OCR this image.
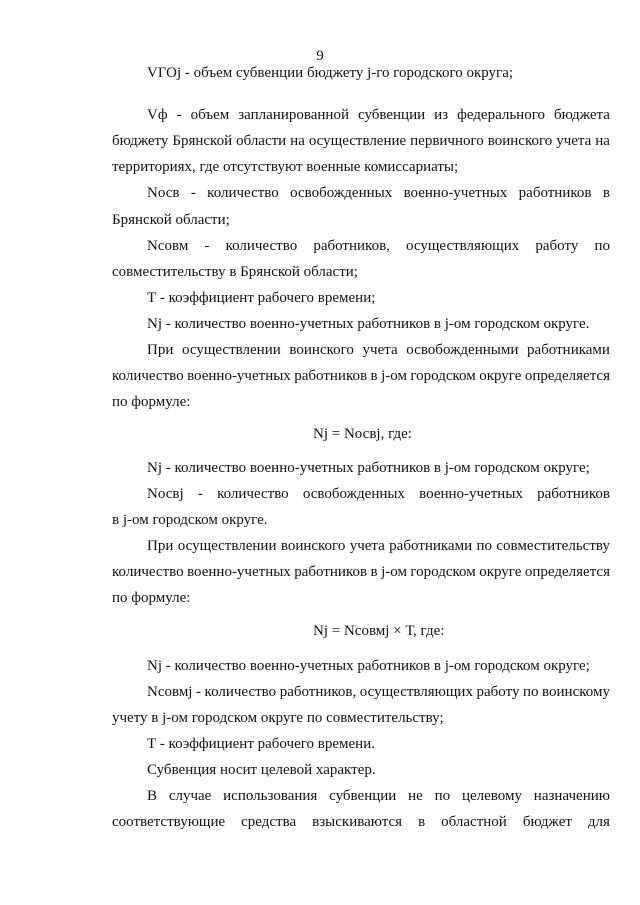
9
VГОj - объем субвенции бюджету j-го городского округа;
Vф - объем запланированной субвенции из федерального бюджета
бюджету Брянской области на осуществление первичного воинского учета на
территориях, где отсутствуют военные комиссариаты;
Nосв - количество освобожденных военно-учетных работников в
Брянской области;
Nсовм - количество работников, осуществляющих работу по
совместительству в Брянской области;
Т - коэффициент рабочего времени;
Nj - количество военно-учетных работников в j-ом городском округе.
При осуществлении воинского учета освобожденными работниками
количество военно-учетных работников в j-ом городском округе определяется
по формуле:
Nj = Nосвj, где:
Nj - количество военно-учетных работников в j-ом городском округе;
Nосвj - количество освобожденных военно-учетных работников
в j-ом городском округе.
При осуществлении воинского учета работниками по совместительству
количество военно-учетных работников в j-ом городском округе определяется
по формуле:
Nj = Nсовмj × Т, где:
Nj - количество военно-учетных работников в j-ом городском округе;
Nсовмj - количество работников, осуществляющих работу по воинскому
учету в j-ом городском округе по совместительству;
Т - коэффициент рабочего времени.
Субвенция носит целевой характер.
В случае использования субвенции не по целевому назначению
соответствующие средства взыскиваются в областной бюджет для
